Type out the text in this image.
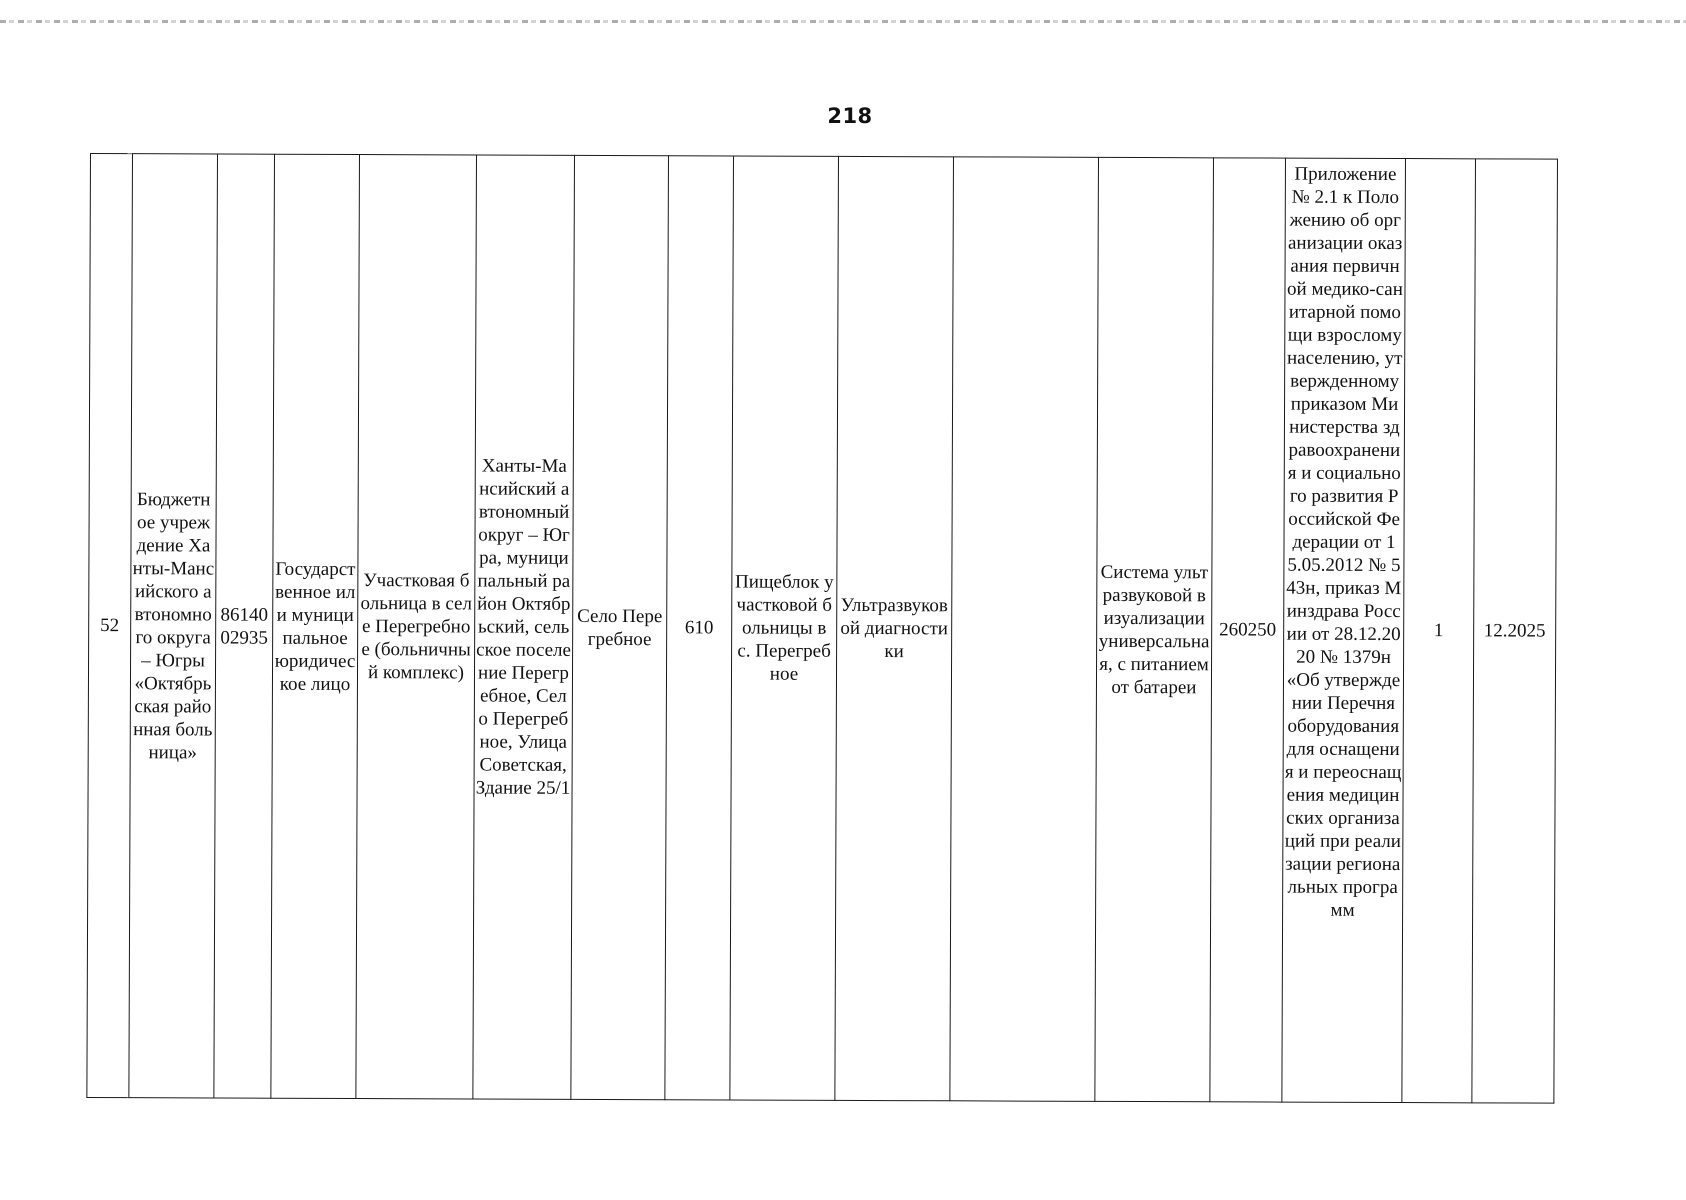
218
52	Бюджетное учреждение Ханты-Мансийского автономного округа – Югры «Октябрьская районная больница»	8614002935	Государственное или муниципальное юридическое лицо	Участковая больница в селе Перегребное (больничный комплекс)	Ханты-Мансийский автономный округ – Югра, муниципальный район Октябрьский, сельское поселение Перегребное, Село Перегребное, Улица Советская, Здание 25/1	Село Перегребное	610	Пищеблок участковой больницы в с. Перегребное	Ультразвуковой диагностики		Система ультразвуковой визуализации универсальная, с питанием от батареи	260250	Приложение № 2.1 к Положению об организации оказания первичной медико-санитарной помощи взрослому населению, утвержденному приказом Министерства здравоохранения и социального развития Российской Федерации от 15.05.2012 № 543н, приказ Минздрава России от 28.12.2020 № 1379н «Об утверждении Перечня оборудования для оснащения и переоснащения медицинских организаций при реализации региональных программ	1	12.2025
